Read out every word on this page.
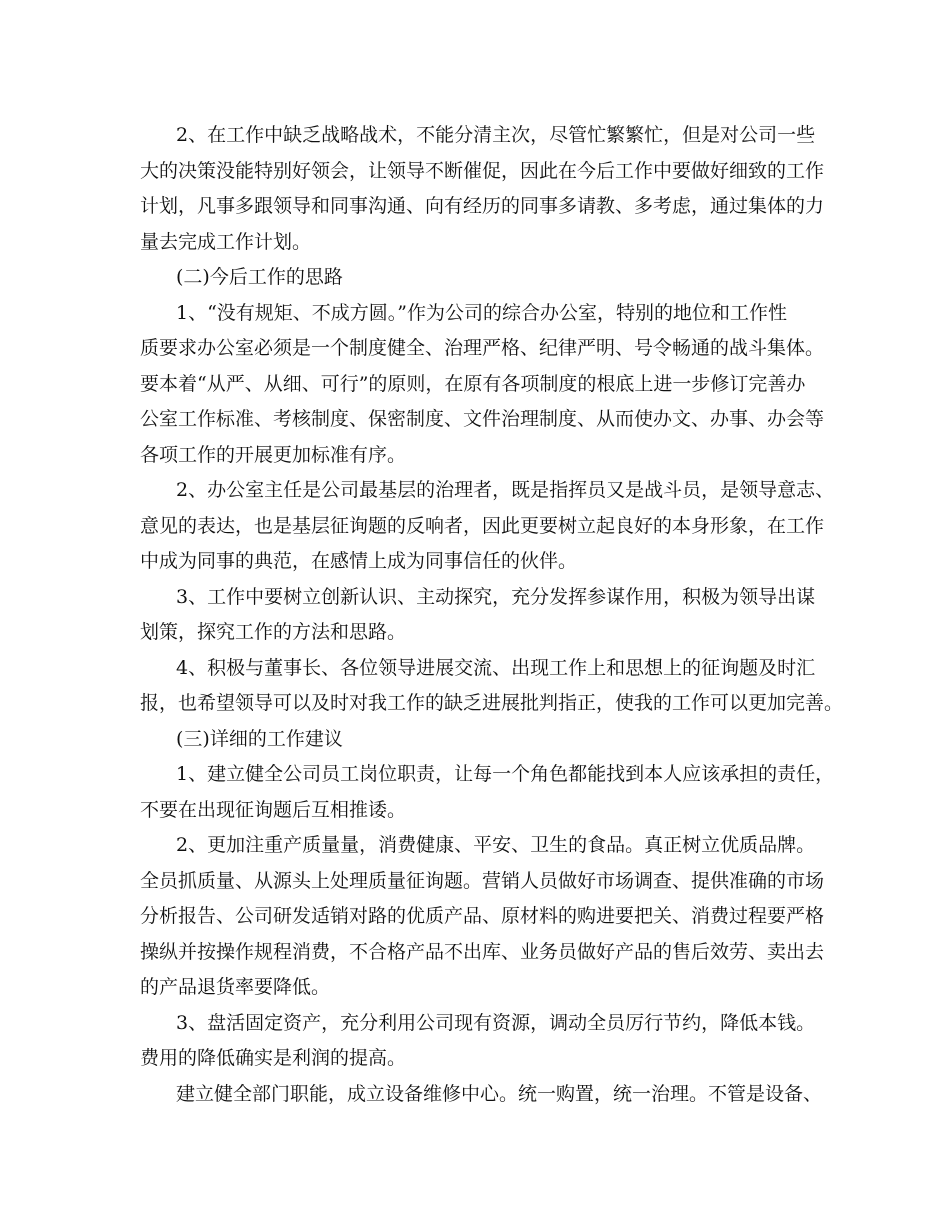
2、在工作中缺乏战略战术，不能分清主次，尽管忙繁繁忙，但是对公司一些
大的决策没能特别好领会，让领导不断催促，因此在今后工作中要做好细致的工作
计划，凡事多跟领导和同事沟通、向有经历的同事多请教、多考虑，通过集体的力
量去完成工作计划。
(二)今后工作的思路
1、“没有规矩、不成方圆。”作为公司的综合办公室，特别的地位和工作性
质要求办公室必须是一个制度健全、治理严格、纪律严明、号令畅通的战斗集体。
要本着“从严、从细、可行”的原则，在原有各项制度的根底上进一步修订完善办
公室工作标准、考核制度、保密制度、文件治理制度、从而使办文、办事、办会等
各项工作的开展更加标准有序。
2、办公室主任是公司最基层的治理者，既是指挥员又是战斗员，是领导意志、
意见的表达，也是基层征询题的反响者，因此更要树立起良好的本身形象，在工作
中成为同事的典范，在感情上成为同事信任的伙伴。
3、工作中要树立创新认识、主动探究，充分发挥参谋作用，积极为领导出谋
划策，探究工作的方法和思路。
4、积极与董事长、各位领导进展交流、出现工作上和思想上的征询题及时汇
报，也希望领导可以及时对我工作的缺乏进展批判指正，使我的工作可以更加完善。
(三)详细的工作建议
1、建立健全公司员工岗位职责，让每一个角色都能找到本人应该承担的责任，
不要在出现征询题后互相推诿。
2、更加注重产质量量，消费健康、平安、卫生的食品。真正树立优质品牌。
全员抓质量、从源头上处理质量征询题。营销人员做好市场调查、提供准确的市场
分析报告、公司研发适销对路的优质产品、原材料的购进要把关、消费过程要严格
操纵并按操作规程消费，不合格产品不出库、业务员做好产品的售后效劳、卖出去
的产品退货率要降低。
3、盘活固定资产，充分利用公司现有资源，调动全员厉行节约，降低本钱。
费用的降低确实是利润的提高。
建立健全部门职能，成立设备维修中心。统一购置，统一治理。不管是设备、
